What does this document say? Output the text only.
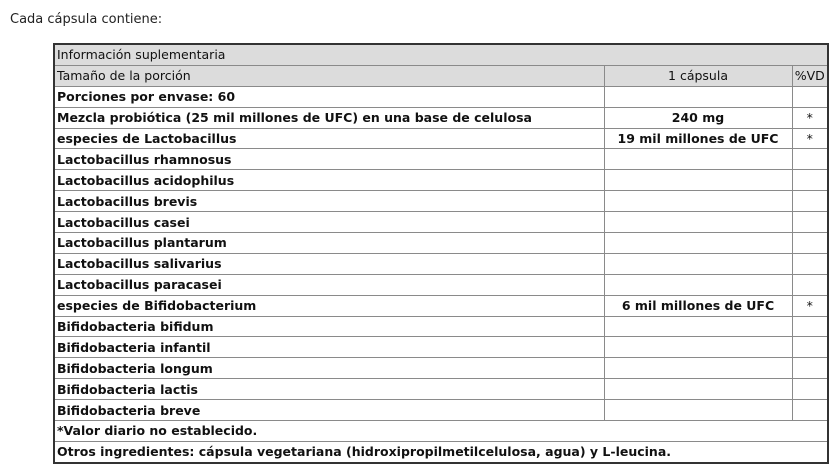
Cada cápsula contiene:
Información suplementaria		
Tamaño de la porción	1 cápsula	%VD
Porciones por envase: 60		
Mezcla probiótica (25 mil millones de UFC) en una base de celulosa	240 mg	*
especies de Lactobacillus	19 mil millones de UFC	*
Lactobacillus rhamnosus		
Lactobacillus acidophilus		
Lactobacillus brevis		
Lactobacillus casei		
Lactobacillus plantarum		
Lactobacillus salivarius		
Lactobacillus paracasei		
especies de Bifidobacterium	6 mil millones de UFC	*
Bifidobacteria bifidum		
Bifidobacteria infantil		
Bifidobacteria longum		
Bifidobacteria lactis		
Bifidobacteria breve		
*Valor diario no establecido.		
Otros ingredientes: cápsula vegetariana (hidroxipropilmetilcelulosa, agua) y L-leucina.		
